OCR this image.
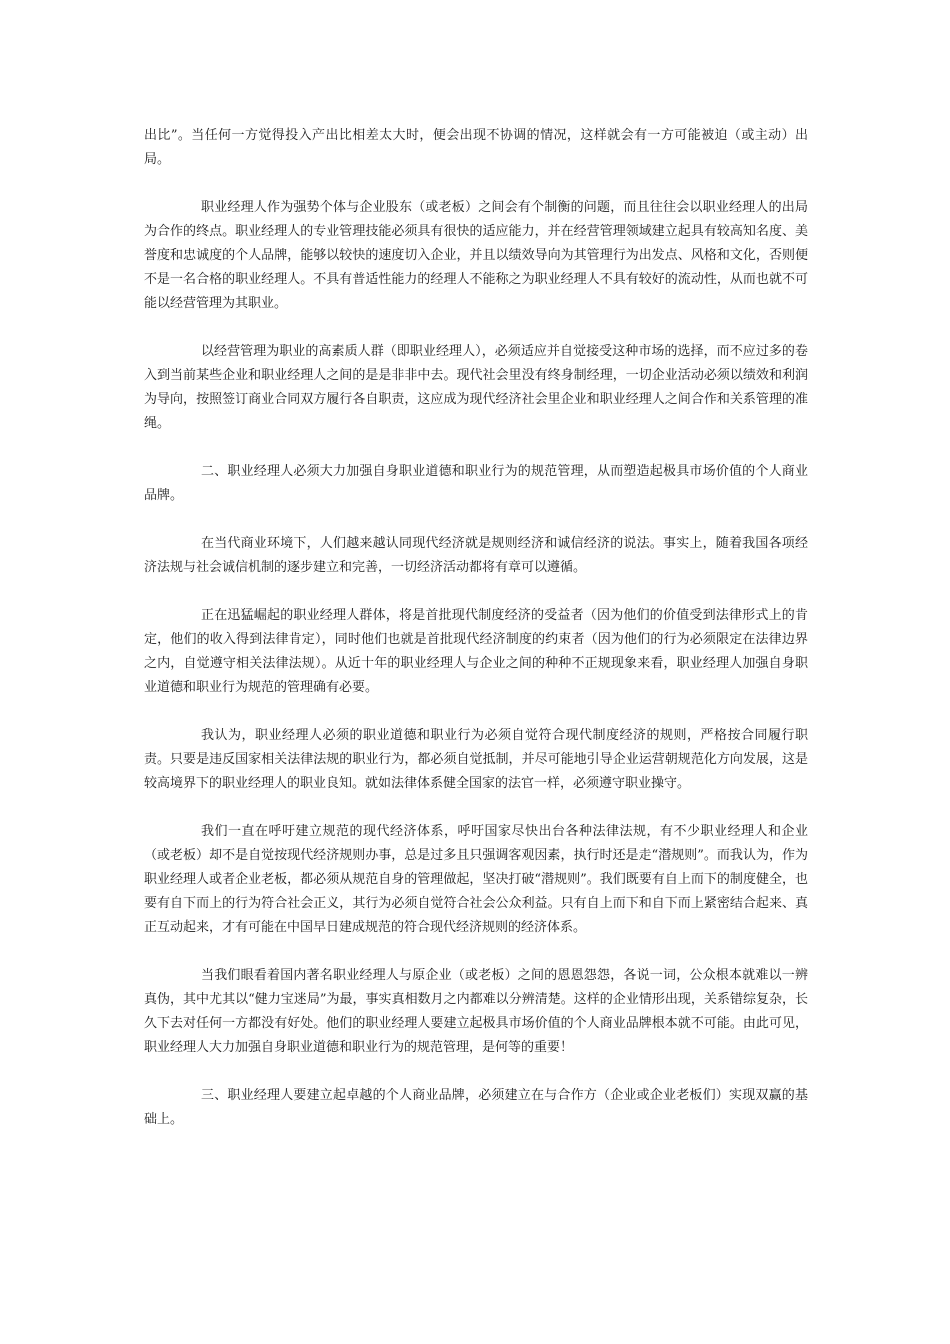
出比”。当任何一方觉得投入产出比相差太大时，便会出现不协调的情况，这样就会有一方可能被迫（或主动）出局。

职业经理人作为强势个体与企业股东（或老板）之间会有个制衡的问题，而且往往会以职业经理人的出局为合作的终点。职业经理人的专业管理技能必须具有很快的适应能力，并在经营管理领域建立起具有较高知名度、美誉度和忠诚度的个人品牌，能够以较快的速度切入企业，并且以绩效导向为其管理行为出发点、风格和文化，否则便不是一名合格的职业经理人。不具有普适性能力的经理人不能称之为职业经理人不具有较好的流动性，从而也就不可能以经营管理为其职业。

以经营管理为职业的高素质人群（即职业经理人），必须适应并自觉接受这种市场的选择，而不应过多的卷入到当前某些企业和职业经理人之间的是是非非中去。现代社会里没有终身制经理，一切企业活动必须以绩效和利润为导向，按照签订商业合同双方履行各自职责，这应成为现代经济社会里企业和职业经理人之间合作和关系管理的准绳。

二、职业经理人必须大力加强自身职业道德和职业行为的规范管理，从而塑造起极具市场价值的个人商业品牌。

在当代商业环境下，人们越来越认同现代经济就是规则经济和诚信经济的说法。事实上，随着我国各项经济法规与社会诚信机制的逐步建立和完善，一切经济活动都将有章可以遵循。

正在迅猛崛起的职业经理人群体，将是首批现代制度经济的受益者（因为他们的价值受到法律形式上的肯定，他们的收入得到法律肯定），同时他们也就是首批现代经济制度的约束者（因为他们的行为必须限定在法律边界之内，自觉遵守相关法律法规）。从近十年的职业经理人与企业之间的种种不正规现象来看，职业经理人加强自身职业道德和职业行为规范的管理确有必要。

我认为，职业经理人必须的职业道德和职业行为必须自觉符合现代制度经济的规则，严格按合同履行职责。只要是违反国家相关法律法规的职业行为，都必须自觉抵制，并尽可能地引导企业运营朝规范化方向发展，这是较高境界下的职业经理人的职业良知。就如法律体系健全国家的法官一样，必须遵守职业操守。

我们一直在呼吁建立规范的现代经济体系，呼吁国家尽快出台各种法律法规，有不少职业经理人和企业（或老板）却不是自觉按现代经济规则办事，总是过多且只强调客观因素，执行时还是走“潜规则”。而我认为，作为职业经理人或者企业老板，都必须从规范自身的管理做起，坚决打破“潜规则”。我们既要有自上而下的制度健全，也要有自下而上的行为符合社会正义，其行为必须自觉符合社会公众利益。只有自上而下和自下而上紧密结合起来、真正互动起来，才有可能在中国早日建成规范的符合现代经济规则的经济体系。

当我们眼看着国内著名职业经理人与原企业（或老板）之间的恩恩怨怨，各说一词，公众根本就难以一辨真伪，其中尤其以“健力宝迷局”为最，事实真相数月之内都难以分辨清楚。这样的企业情形出现，关系错综复杂，长久下去对任何一方都没有好处。他们的职业经理人要建立起极具市场价值的个人商业品牌根本就不可能。由此可见，职业经理人大力加强自身职业道德和职业行为的规范管理，是何等的重要！

三、职业经理人要建立起卓越的个人商业品牌，必须建立在与合作方（企业或企业老板们）实现双赢的基础上。
